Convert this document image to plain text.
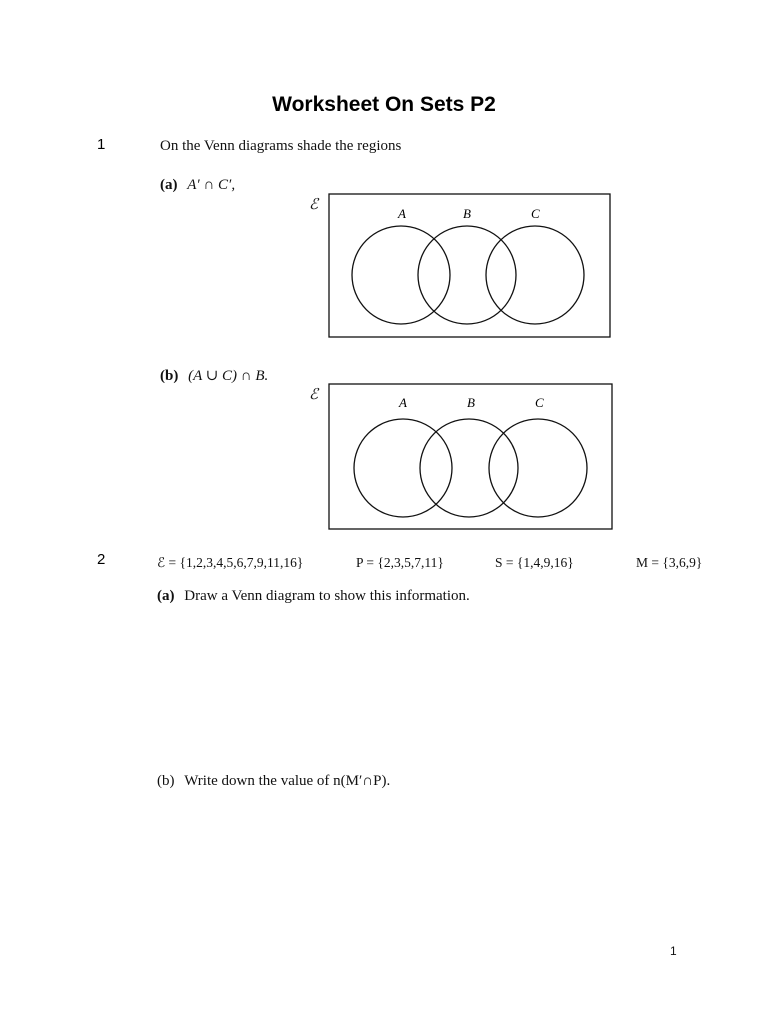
Worksheet On Sets P2
1	On the Venn diagrams shade the regions
(a) A′ ∩ C′,
ℰ
A	B	C
(b) (A ∪ C) ∩ B.
ℰ	A	B	C
2	ℰ = {1,2,3,4,5,6,7,9,11,16}	P = {2,3,5,7,11}	S = {1,4,9,16}	M = {3,6,9}
(a) Draw a Venn diagram to show this information.
(b) Write down the value of n(M′∩P).
1
